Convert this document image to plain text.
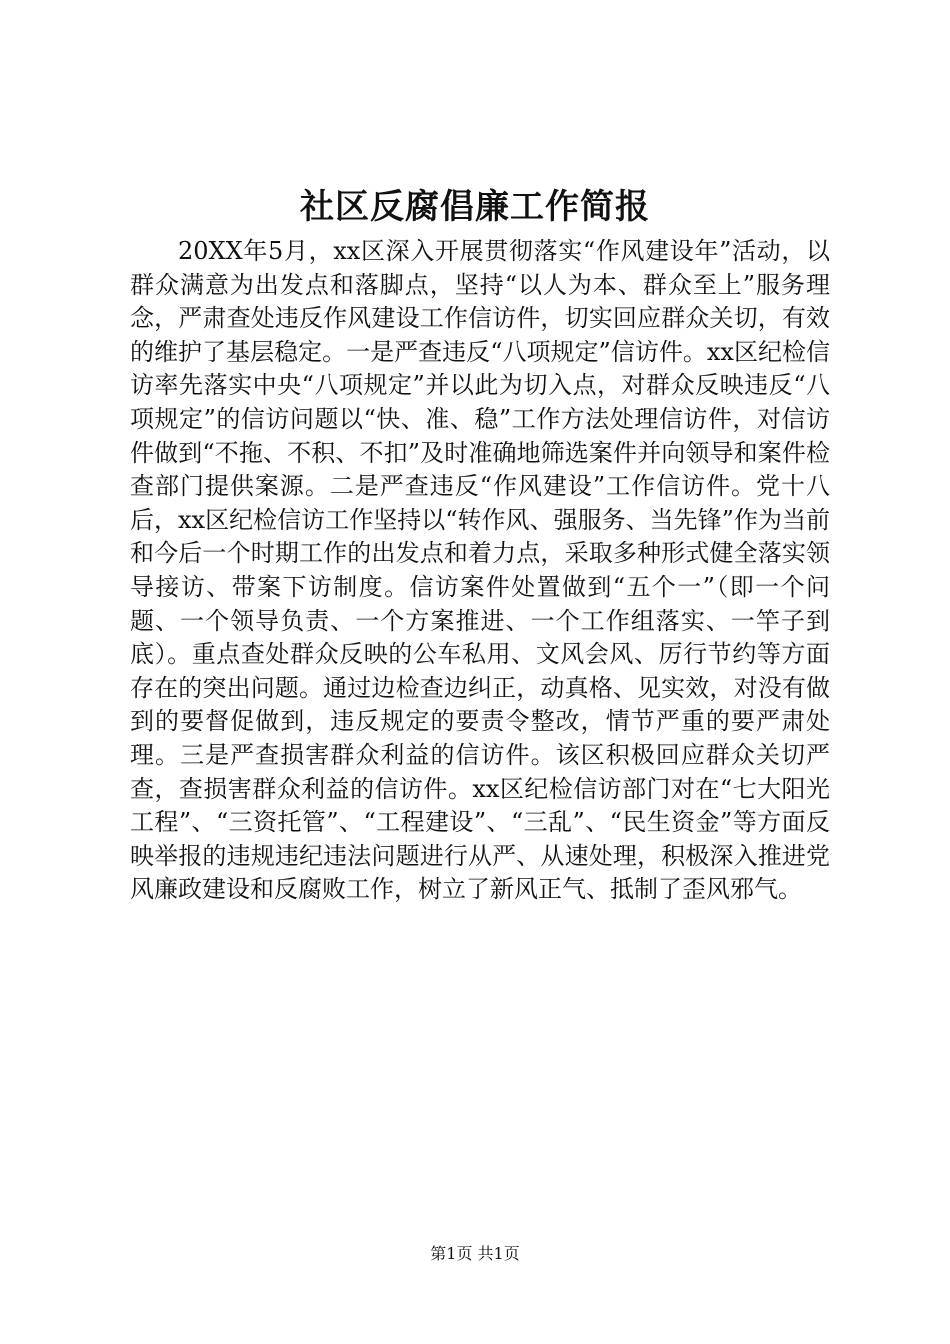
社区反腐倡廉工作简报

20XX年5月，xx区深入开展贯彻落实“作风建设年”活动，以群众满意为出发点和落脚点，坚持“以人为本、群众至上”服务理念，严肃查处违反作风建设工作信访件，切实回应群众关切，有效的维护了基层稳定。一是严查违反“八项规定”信访件。xx区纪检信访率先落实中央“八项规定”并以此为切入点，对群众反映违反“八项规定”的信访问题以“快、准、稳”工作方法处理信访件，对信访件做到“不拖、不积、不扣”及时准确地筛选案件并向领导和案件检查部门提供案源。二是严查违反“作风建设”工作信访件。党十八后，xx区纪检信访工作坚持以“转作风、强服务、当先锋”作为当前和今后一个时期工作的出发点和着力点，采取多种形式健全落实领导接访、带案下访制度。信访案件处置做到“五个一”（即一个问题、一个领导负责、一个方案推进、一个工作组落实、一竿子到底）。重点查处群众反映的公车私用、文风会风、厉行节约等方面存在的突出问题。通过边检查边纠正，动真格、见实效，对没有做到的要督促做到，违反规定的要责令整改，情节严重的要严肃处理。三是严查损害群众利益的信访件。该区积极回应群众关切严查，查损害群众利益的信访件。xx区纪检信访部门对在“七大阳光工程”、“三资托管”、“工程建设”、“三乱”、“民生资金”等方面反映举报的违规违纪违法问题进行从严、从速处理，积极深入推进党风廉政建设和反腐败工作，树立了新风正气、抵制了歪风邪气。

第1页 共1页
